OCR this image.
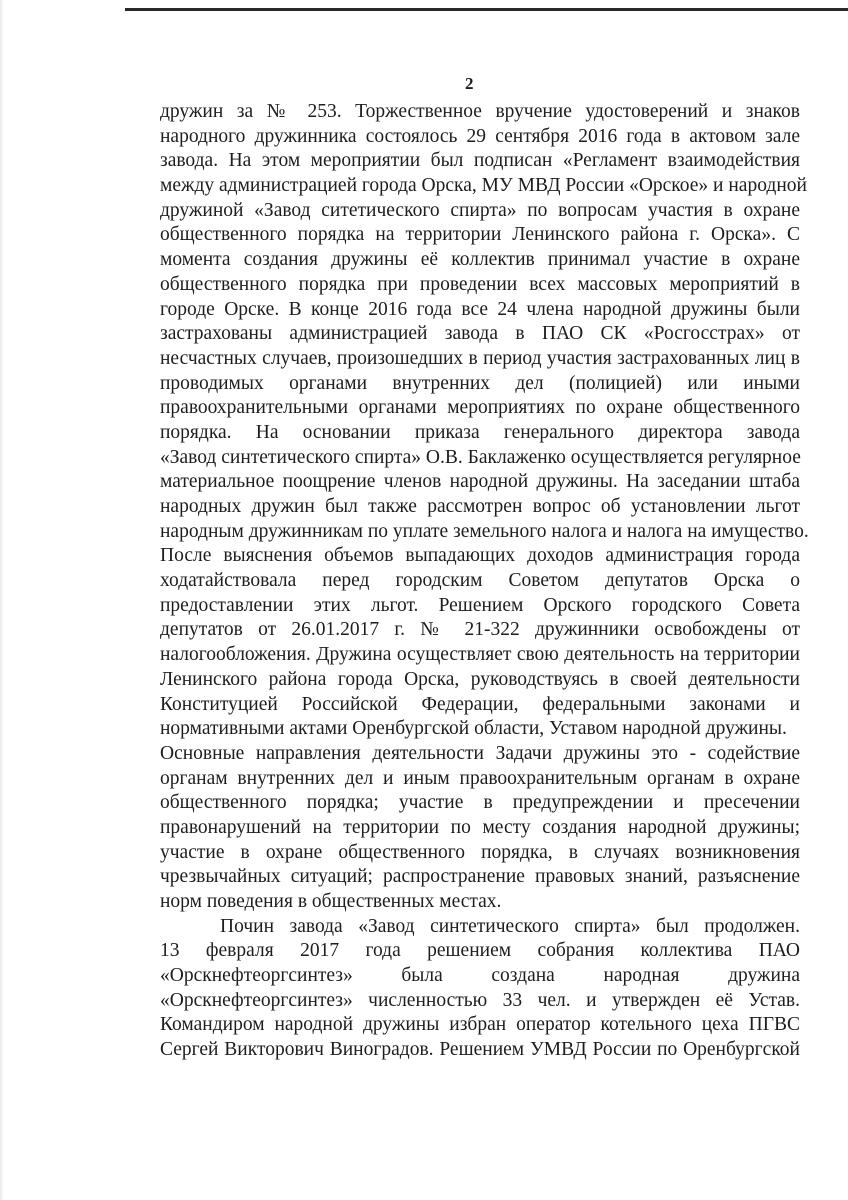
2
дружин за № 253. Торжественное вручение удостоверений и знаков
народного дружинника состоялось 29 сентября 2016 года в актовом зале
завода. На этом мероприятии был подписан «Регламент взаимодействия
между администрацией города Орска, МУ МВД России «Орское» и народной
дружиной «Завод ситетического спирта» по вопросам участия в охране
общественного порядка на территории Ленинского района г. Орска». С
момента создания дружины её коллектив принимал участие в охране
общественного порядка при проведении всех массовых мероприятий в
городе Орске. В конце 2016 года все 24 члена народной дружины были
застрахованы администрацией завода в ПАО СК «Росгосстрах» от
несчастных случаев, произошедших в период участия застрахованных лиц в
проводимых органами внутренних дел (полицией) или иными
правоохранительными органами мероприятиях по охране общественного
порядка. На основании приказа генерального директора завода
«Завод синтетического спирта» О.В. Баклаженко осуществляется регулярное
материальное поощрение членов народной дружины. На заседании штаба
народных дружин был также рассмотрен вопрос об установлении льгот
народным дружинникам по уплате земельного налога и налога на имущество.
После выяснения объемов выпадающих доходов администрация города
ходатайствовала перед городским Советом депутатов Орска о
предоставлении этих льгот. Решением Орского городского Совета
депутатов от 26.01.2017 г. № 21-322 дружинники освобождены от
налогообложения. Дружина осуществляет свою деятельность на территории
Ленинского района города Орска, руководствуясь в своей деятельности
Конституцией Российской Федерации, федеральными законами и
нормативными актами Оренбургской области, Уставом народной дружины.
Основные направления деятельности Задачи дружины это - содействие
органам внутренних дел и иным правоохранительным органам в охране
общественного порядка; участие в предупреждении и пресечении
правонарушений на территории по месту создания народной дружины;
участие в охране общественного порядка, в случаях возникновения
чрезвычайных ситуаций; распространение правовых знаний, разъяснение
норм поведения в общественных местах.
Почин завода «Завод синтетического спирта» был продолжен.
13 февраля 2017 года решением собрания коллектива ПАО
«Орскнефтеоргсинтез» была создана народная дружина
«Орскнефтеоргсинтез» численностью 33 чел. и утвержден её Устав.
Командиром народной дружины избран оператор котельного цеха ПГВС
Сергей Викторович Виноградов. Решением УМВД России по Оренбургской
